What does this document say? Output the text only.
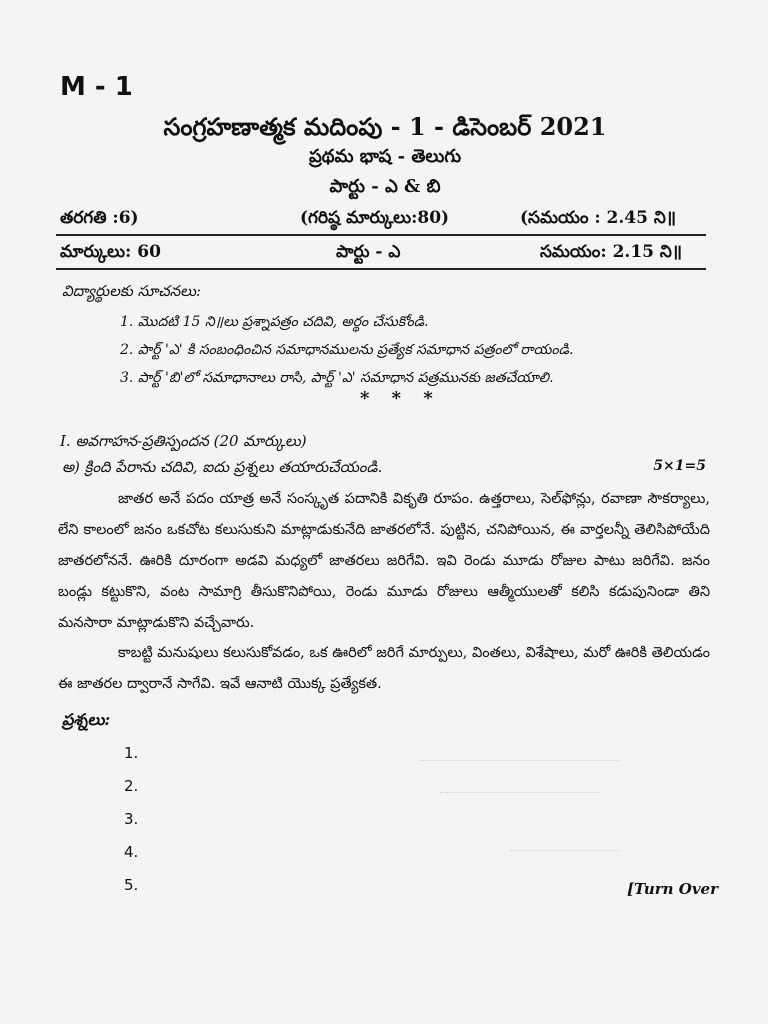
M - 1
సంగ్రహణాత్మక మదింపు - 1 - డిసెంబర్ 2021
ప్రథమ భాష - తెలుగు
పార్టు - ఎ & బి
తరగతి :6)	(గరిష్ఠ మార్కులు:80)	(సమయం : 2.45 ని॥
మార్కులు: 60	పార్టు - ఎ	సమయం: 2.15 ని॥
విద్యార్థులకు సూచనలు:
1. మొదటి 15 ని॥లు ప్రశ్నాపత్రం చదివి, అర్థం చేసుకోండి.
2. పార్ట్ 'ఎ' కి సంబంధించిన సమాధానములను ప్రత్యేక సమాధాన పత్రంలో రాయండి.
3. పార్ట్ 'బి'లో సమాధానాలు రాసి, పార్ట్ 'ఎ' సమాధాన పత్రమునకు జతచేయాలి.
* * *
I. అవగాహన-ప్రతిస్పందన (20 మార్కులు)
అ) క్రింది పేరాను చదివి, ఐదు ప్రశ్నలు తయారుచేయండి.	5×1=5
జాతర అనే పదం యాత్ర అనే సంస్కృత పదానికి వికృతి రూపం. ఉత్తరాలు, సెల్‌ఫోన్లు, రవాణా సౌకర్యాలు, లేని కాలంలో జనం ఒకచోట కలుసుకుని మాట్లాడుకునేది జాతరలోనే. పుట్టిన, చనిపోయిన, ఈ వార్తలన్నీ తెలిసిపోయేది జాతరలోననే. ఊరికి దూరంగా అడవి మధ్యలో జాతరలు జరిగేవి. ఇవి రెండు మూడు రోజుల పాటు జరిగేవి. జనం బండ్లు కట్టుకొని, వంట సామాగ్రి తీసుకొనిపోయి, రెండు మూడు రోజులు ఆత్మీయులతో కలిసి కడుపునిండా తిని మనసారా మాట్లాడుకొని వచ్చేవారు.
కాబట్టి మనుషులు కలుసుకోవడం, ఒక ఊరిలో జరిగే మార్పులు, వింతలు, విశేషాలు, మరో ఊరికి తెలియడం ఈ జాతరల ద్వారానే సాగేవి. ఇవే ఆనాటి యొక్క ప్రత్యేకత.
ప్రశ్నలు:
1.
2.
3.
4.
5.	[Turn Over
